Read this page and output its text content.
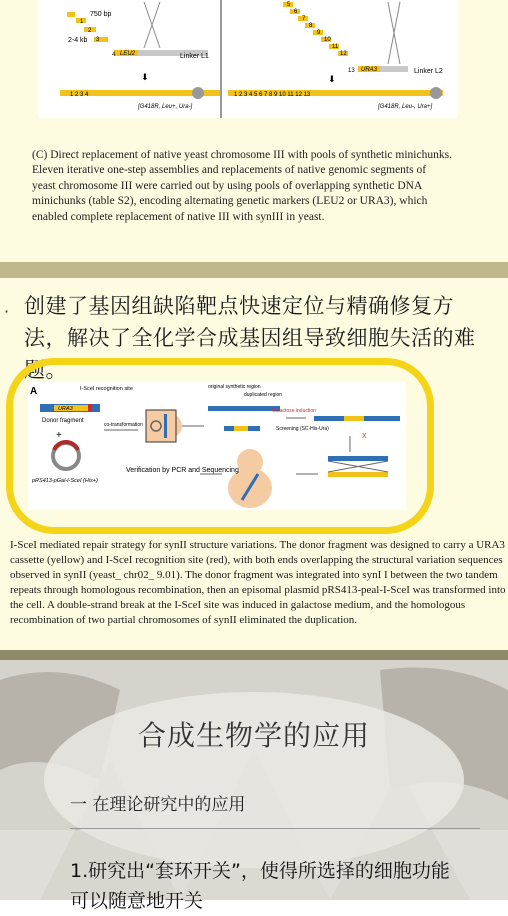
750 bp
2-4 kb
Linker L1
1
2
3
4 LEU2
⬇
1 2 3 4
[G418R, Leu+, Ura-]
5
6
7
8
9
10
11
12
13 URA3	Linker L2
⬇
1 2 3 4 5 6 7 8 9 10 11 12 13
[G418R, Leu-, Ura+]
(C) Direct replacement of native yeast chromosome III with pools of synthetic minichunks. Eleven iterative one-step assemblies and replacements of native genomic segments of yeast chromosome III were carried out by using pools of overlapping synthetic DNA minichunks (table S2), encoding alternating genetic markers (LEU2 or URA3), which enabled complete replacement of native III with synIII in yeast.
· 创建了基因组缺陷靶点快速定位与精确修复方法，解决了全化学合成基因组导致细胞失活的难题。
A	I-SceI recognition site
URA3
Donor fragment
+
pRS413-pGal-I-SceI (His+)
co-transformation
original synthetic region
duplicated region
Galactose induction
Screening (SC-His-Ura)
X
Verification by PCR and Sequencing
I-SceI mediated repair strategy for synII structure variations. The donor fragment was designed to carry a URA3 cassette (yellow) and I-SceI recognition site (red), with both ends overlapping the structural variation sequences observed in synII (yeast_ chr02_ 9.01). The donor fragment was integrated into synI I between the two tandem repeats through homologous recombination, then an episomal plasmid pRS413-peal-I-SceI was transformed into the cell. A double-strand break at the I-SceI site was induced in galactose medium, and the homologous recombination of two partial chromosomes of synII eliminated the duplication.
合成生物学的应用
一 在理论研究中的应用
1.研究出“套环开关”，使得所选择的细胞功能可以随意地开关
